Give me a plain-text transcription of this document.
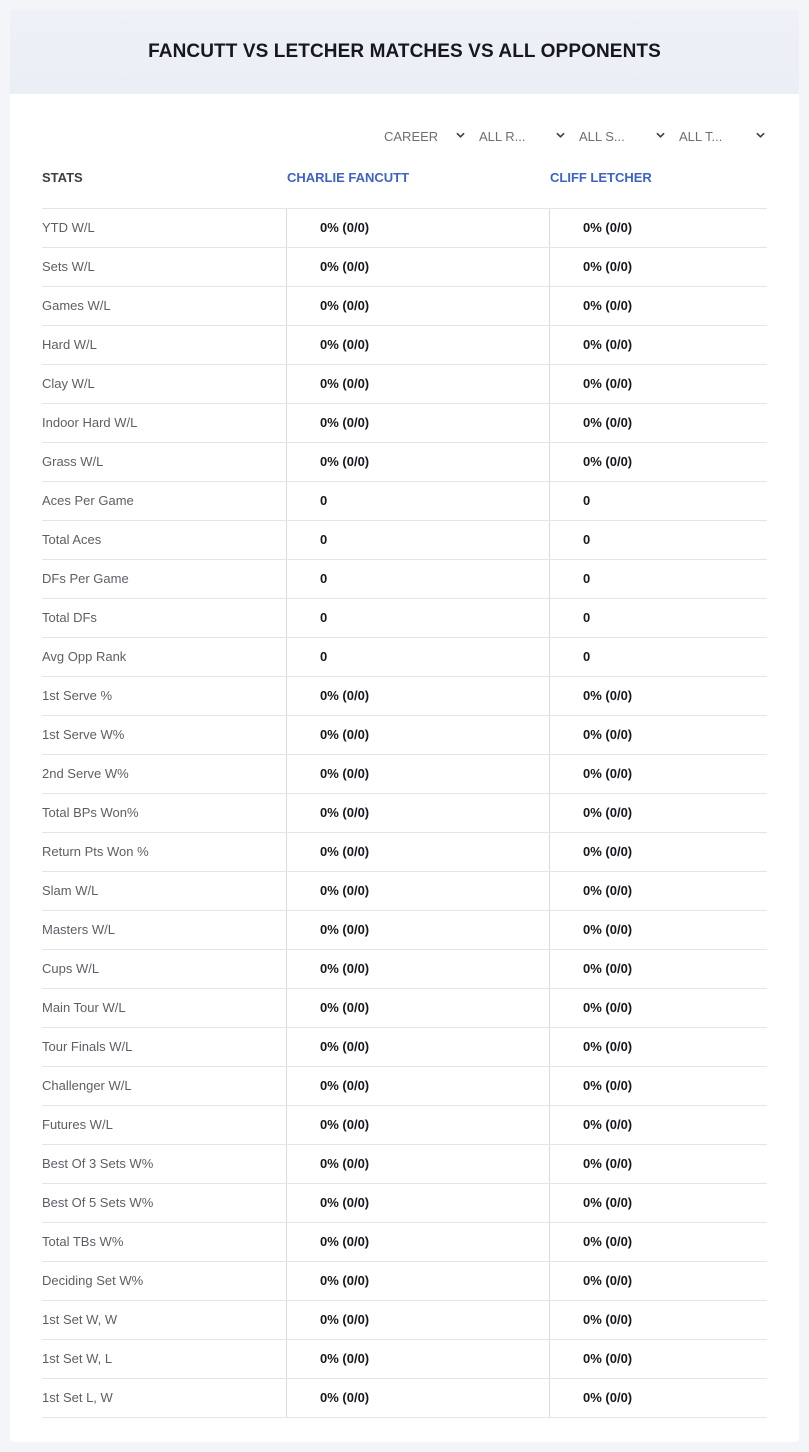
FANCUTT VS LETCHER MATCHES VS ALL OPPONENTS
CAREER	ALL R...	ALL S...	ALL T...
STATS	CHARLIE FANCUTT	CLIFF LETCHER
YTD W/L	0% (0/0)	0% (0/0)
Sets W/L	0% (0/0)	0% (0/0)
Games W/L	0% (0/0)	0% (0/0)
Hard W/L	0% (0/0)	0% (0/0)
Clay W/L	0% (0/0)	0% (0/0)
Indoor Hard W/L	0% (0/0)	0% (0/0)
Grass W/L	0% (0/0)	0% (0/0)
Aces Per Game	0	0
Total Aces	0	0
DFs Per Game	0	0
Total DFs	0	0
Avg Opp Rank	0	0
1st Serve %	0% (0/0)	0% (0/0)
1st Serve W%	0% (0/0)	0% (0/0)
2nd Serve W%	0% (0/0)	0% (0/0)
Total BPs Won%	0% (0/0)	0% (0/0)
Return Pts Won %	0% (0/0)	0% (0/0)
Slam W/L	0% (0/0)	0% (0/0)
Masters W/L	0% (0/0)	0% (0/0)
Cups W/L	0% (0/0)	0% (0/0)
Main Tour W/L	0% (0/0)	0% (0/0)
Tour Finals W/L	0% (0/0)	0% (0/0)
Challenger W/L	0% (0/0)	0% (0/0)
Futures W/L	0% (0/0)	0% (0/0)
Best Of 3 Sets W%	0% (0/0)	0% (0/0)
Best Of 5 Sets W%	0% (0/0)	0% (0/0)
Total TBs W%	0% (0/0)	0% (0/0)
Deciding Set W%	0% (0/0)	0% (0/0)
1st Set W, W	0% (0/0)	0% (0/0)
1st Set W, L	0% (0/0)	0% (0/0)
1st Set L, W	0% (0/0)	0% (0/0)
